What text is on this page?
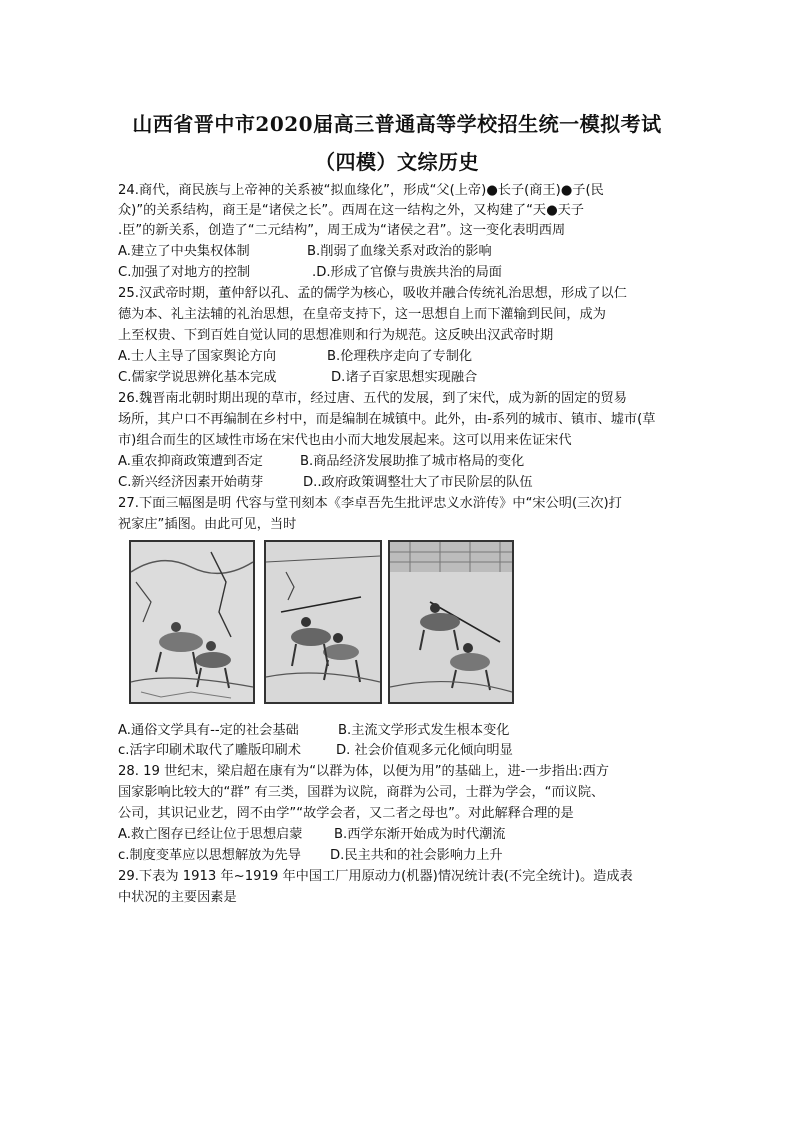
山西省晋中市2020届高三普通高等学校招生统一模拟考试
（四模）文综历史
24.商代，商民族与上帝神的关系被“拟血缘化”，形成“父(上帝)●长子(商王)●子(民
众)”的关系结构，商王是“诸侯之长”。西周在这一结构之外，又构建了“天●天子
.臣”的新关系，创造了“二元结构”，周王成为“诸侯之君”。这一变化表明西周
A.建立了中央集权体制	B.削弱了血缘关系对政治的影响
C.加强了对地方的控制	.D.形成了官僚与贵族共治的局面
25.汉武帝时期，董仲舒以孔、孟的儒学为核心，吸收并融合传统礼治思想，形成了以仁
德为本、礼主法辅的礼治思想，在皇帝支持下，这一思想自上而下灌输到民间，成为
上至权贵、下到百姓自觉认同的思想准则和行为规范。这反映出汉武帝时期
A.士人主导了国家舆论方向	B.伦理秩序走向了专制化
C.儒家学说思辨化基本完成	D.诸子百家思想实现融合
26.魏晋南北朝时期出现的草市，经过唐、五代的发展，到了宋代，成为新的固定的贸易
场所，其户口不再编制在乡村中，而是编制在城镇中。此外，由-系列的城市、镇市、墟市(草
市)组合而生的区域性市场在宋代也由小而大地发展起来。这可以用来佐证宋代
A.重农抑商政策遭到否定	B.商品经济发展助推了城市格局的变化
C.新兴经济因素开始萌芽	D..政府政策调整壮大了市民阶层的队伍
27.下面三幅图是明 代容与堂刊刻本《李卓吾先生批评忠义水浒传》中“宋公明(三次)打
祝家庄”插图。由此可见，当时
A.通俗文学具有--定的社会基础	B.主流文学形式发生根本变化
c.活字印刷术取代了雕版印刷术	D. 社会价值观多元化倾向明显
28. 19 世纪末，梁启超在康有为“以群为体，以便为用”的基础上，进-一步指出:西方
国家影响比较大的“群” 有三类，国群为议院，商群为公司，士群为学会，“而议院、
公司，其识记业艺，罔不由学”“故学会者，又二者之母也”。对此解释合理的是
A.救亡图存已经让位于思想启蒙 B.西学东渐开始成为时代潮流
c.制度变革应以思想解放为先导 D.民主共和的社会影响力上升
29.下表为 1913 年~1919 年中国工厂用原动力(机器)情况统计表(不完全统计)。造成表
中状况的主要因素是
